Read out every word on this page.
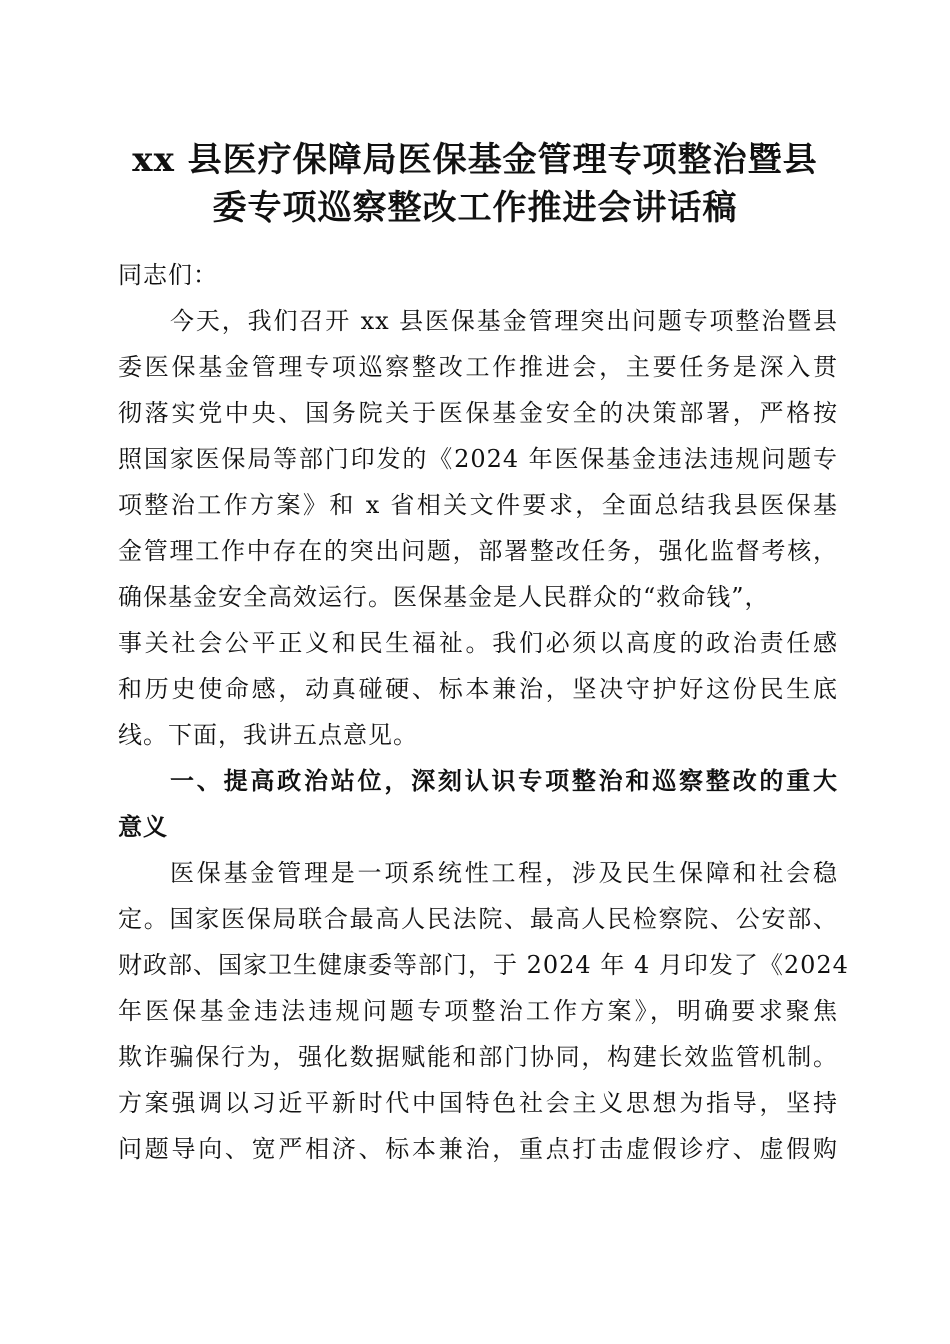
xx 县医疗保障局医保基金管理专项整治暨县
委专项巡察整改工作推进会讲话稿
同志们：
今天，我们召开 xx 县医保基金管理突出问题专项整治暨县
委医保基金管理专项巡察整改工作推进会，主要任务是深入贯
彻落实党中央、国务院关于医保基金安全的决策部署，严格按
照国家医保局等部门印发的《2024 年医保基金违法违规问题专
项整治工作方案》和 x 省相关文件要求，全面总结我县医保基
金管理工作中存在的突出问题，部署整改任务，强化监督考核，
确保基金安全高效运行。医保基金是人民群众的“救命钱”，
事关社会公平正义和民生福祉。我们必须以高度的政治责任感
和历史使命感，动真碰硬、标本兼治，坚决守护好这份民生底
线。下面，我讲五点意见。
一、提高政治站位，深刻认识专项整治和巡察整改的重大
意义
医保基金管理是一项系统性工程，涉及民生保障和社会稳
定。国家医保局联合最高人民法院、最高人民检察院、公安部、
财政部、国家卫生健康委等部门，于 2024 年 4 月印发了《2024
年医保基金违法违规问题专项整治工作方案》，明确要求聚焦
欺诈骗保行为，强化数据赋能和部门协同，构建长效监管机制。
方案强调以习近平新时代中国特色社会主义思想为指导，坚持
问题导向、宽严相济、标本兼治，重点打击虚假诊疗、虚假购
